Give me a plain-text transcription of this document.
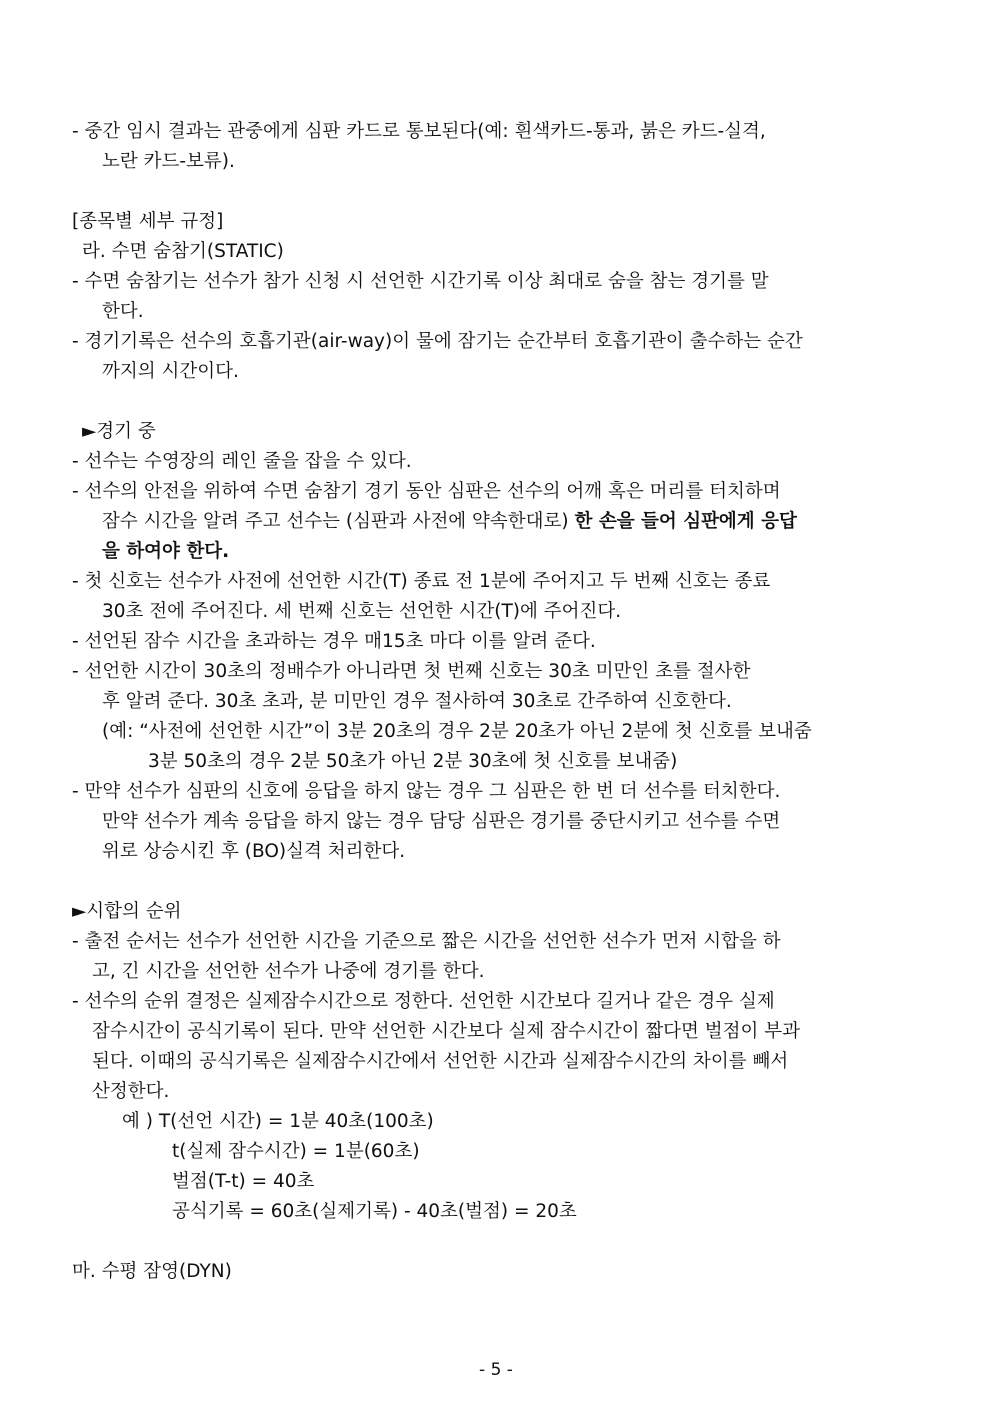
- 중간 임시 결과는 관중에게 심판 카드로 통보된다(예: 흰색카드-통과, 붉은 카드-실격,
노란 카드-보류).
[종목별 세부 규정]
라. 수면 숨참기(STATIC)
- 수면 숨참기는 선수가 참가 신청 시 선언한 시간기록 이상 최대로 숨을 참는 경기를 말
한다.
- 경기기록은 선수의 호흡기관(air-way)이 물에 잠기는 순간부터 호흡기관이 출수하는 순간
까지의 시간이다.
►경기 중
- 선수는 수영장의 레인 줄을 잡을 수 있다.
- 선수의 안전을 위하여 수면 숨참기 경기 동안 심판은 선수의 어깨 혹은 머리를 터치하며
잠수 시간을 알려 주고 선수는 (심판과 사전에 약속한대로) 한 손을 들어 심판에게 응답
을 하여야 한다.
- 첫 신호는 선수가 사전에 선언한 시간(T) 종료 전 1분에 주어지고 두 번째 신호는 종료
30초 전에 주어진다. 세 번째 신호는 선언한 시간(T)에 주어진다.
- 선언된 잠수 시간을 초과하는 경우 매15초 마다 이를 알려 준다.
- 선언한 시간이 30초의 정배수가 아니라면 첫 번째 신호는 30초 미만인 초를 절사한
후 알려 준다. 30초 초과, 분 미만인 경우 절사하여 30초로 간주하여 신호한다.
(예: “사전에 선언한 시간”이 3분 20초의 경우 2분 20초가 아닌 2분에 첫 신호를 보내줌
3분 50초의 경우 2분 50초가 아닌 2분 30초에 첫 신호를 보내줌)
- 만약 선수가 심판의 신호에 응답을 하지 않는 경우 그 심판은 한 번 더 선수를 터치한다.
만약 선수가 계속 응답을 하지 않는 경우 담당 심판은 경기를 중단시키고 선수를 수면
위로 상승시킨 후 (BO)실격 처리한다.
►시합의 순위
- 출전 순서는 선수가 선언한 시간을 기준으로 짧은 시간을 선언한 선수가 먼저 시합을 하
고, 긴 시간을 선언한 선수가 나중에 경기를 한다.
- 선수의 순위 결정은 실제잠수시간으로 정한다. 선언한 시간보다 길거나 같은 경우 실제
잠수시간이 공식기록이 된다. 만약 선언한 시간보다 실제 잠수시간이 짧다면 벌점이 부과
된다. 이때의 공식기록은 실제잠수시간에서 선언한 시간과 실제잠수시간의 차이를 빼서
산정한다.
예 ) T(선언 시간) = 1분 40초(100초)
t(실제 잠수시간) = 1분(60초)
벌점(T-t) = 40초
공식기록 = 60초(실제기록) - 40초(벌점) = 20초
마. 수평 잠영(DYN)
- 5 -
